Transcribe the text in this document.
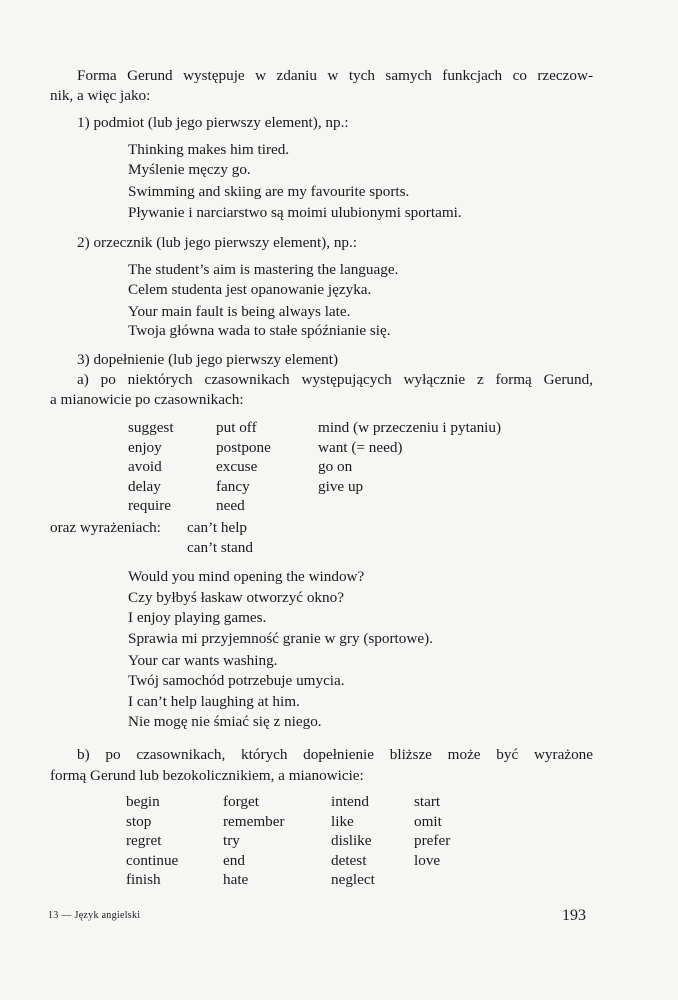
Forma Gerund występuje w zdaniu w tych samych funkcjach co rzeczow-
nik, a więc jako:
1) podmiot (lub jego pierwszy element), np.:
Thinking makes him tired.
Myślenie męczy go.
Swimming and skiing are my favourite sports.
Pływanie i narciarstwo są moimi ulubionymi sportami.
2) orzecznik (lub jego pierwszy element), np.:
The student’s aim is mastering the language.
Celem studenta jest opanowanie języka.
Your main fault is being always late.
Twoja główna wada to stałe spóźnianie się.
3) dopełnienie (lub jego pierwszy element)
a) po niektórych czasownikach występujących wyłącznie z formą Gerund,
a mianowicie po czasownikach:
suggest
enjoy
avoid
delay
require
put off
postpone
excuse
fancy
need
mind (w przeczeniu i pytaniu)
want (= need)
go on
give up
oraz wyrażeniach: can’t help
can’t stand
Would you mind opening the window?
Czy byłbyś łaskaw otworzyć okno?
I enjoy playing games.
Sprawia mi przyjemność granie w gry (sportowe).
Your car wants washing.
Twój samochód potrzebuje umycia.
I can’t help laughing at him.
Nie mogę nie śmiać się z niego.
b) po czasownikach, których dopełnienie bliższe może być wyrażone
formą Gerund lub bezokolicznikiem, a mianowicie:
begin
stop
regret
continue
finish
forget
remember
try
end
hate
intend
like
dislike
detest
neglect
start
omit
prefer
love
13 — Język angielski	193
